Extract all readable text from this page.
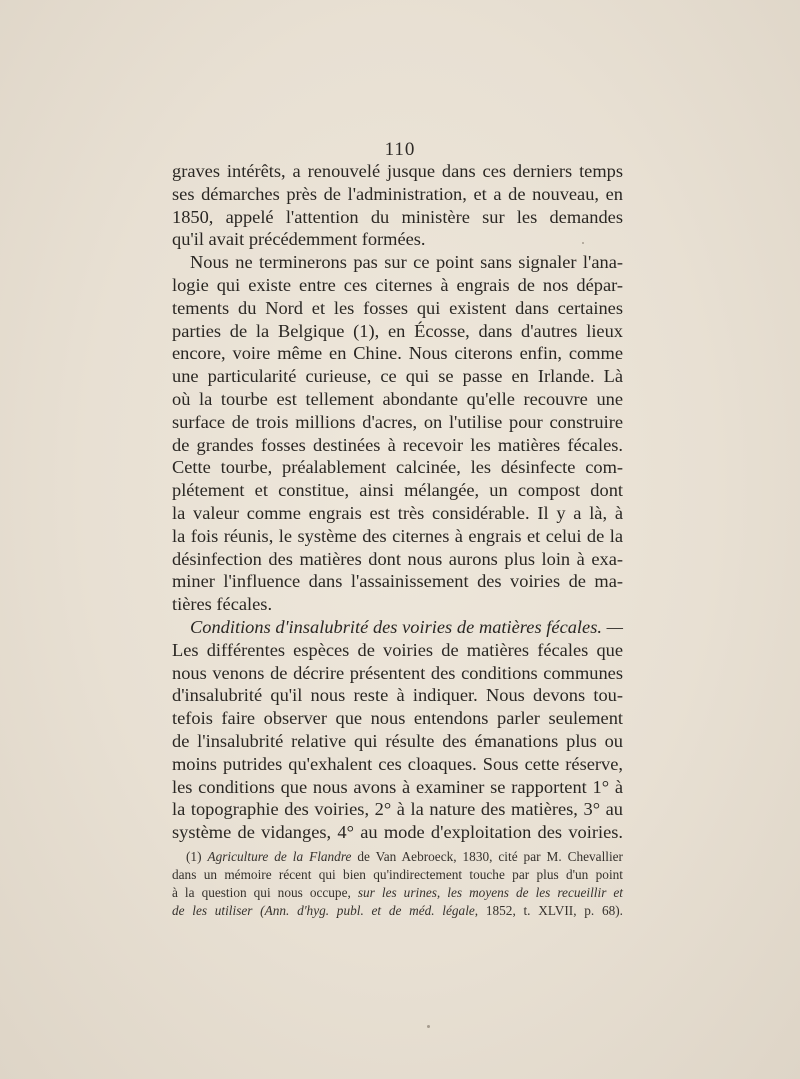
110
graves intérêts, a renouvelé jusque dans ces derniers temps
ses démarches près de l'administration, et a de nouveau, en
1850, appelé l'attention du ministère sur les demandes
qu'il avait précédemment formées.
Nous ne terminerons pas sur ce point sans signaler l'ana-
logie qui existe entre ces citernes à engrais de nos dépar-
tements du Nord et les fosses qui existent dans certaines
parties de la Belgique (1), en Écosse, dans d'autres lieux
encore, voire même en Chine. Nous citerons enfin, comme
une particularité curieuse, ce qui se passe en Irlande. Là
où la tourbe est tellement abondante qu'elle recouvre une
surface de trois millions d'acres, on l'utilise pour construire
de grandes fosses destinées à recevoir les matières fécales.
Cette tourbe, préalablement calcinée, les désinfecte com-
plétement et constitue, ainsi mélangée, un compost dont
la valeur comme engrais est très considérable. Il y a là, à
la fois réunis, le système des citernes à engrais et celui de la
désinfection des matières dont nous aurons plus loin à exa-
miner l'influence dans l'assainissement des voiries de ma-
tières fécales.
Conditions d'insalubrité des voiries de matières fécales. —
Les différentes espèces de voiries de matières fécales que
nous venons de décrire présentent des conditions communes
d'insalubrité qu'il nous reste à indiquer. Nous devons tou-
tefois faire observer que nous entendons parler seulement
de l'insalubrité relative qui résulte des émanations plus ou
moins putrides qu'exhalent ces cloaques. Sous cette réserve,
les conditions que nous avons à examiner se rapportent 1° à
la topographie des voiries, 2° à la nature des matières, 3° au
système de vidanges, 4° au mode d'exploitation des voiries.
(1) Agriculture de la Flandre de Van Aebroeck, 1830, cité par M. Chevallier
dans un mémoire récent qui bien qu'indirectement touche par plus d'un point
à la question qui nous occupe, sur les urines, les moyens de les recueillir et
de les utiliser (Ann. d'hyg. publ. et de méd. légale, 1852, t. XLVII, p. 68).
